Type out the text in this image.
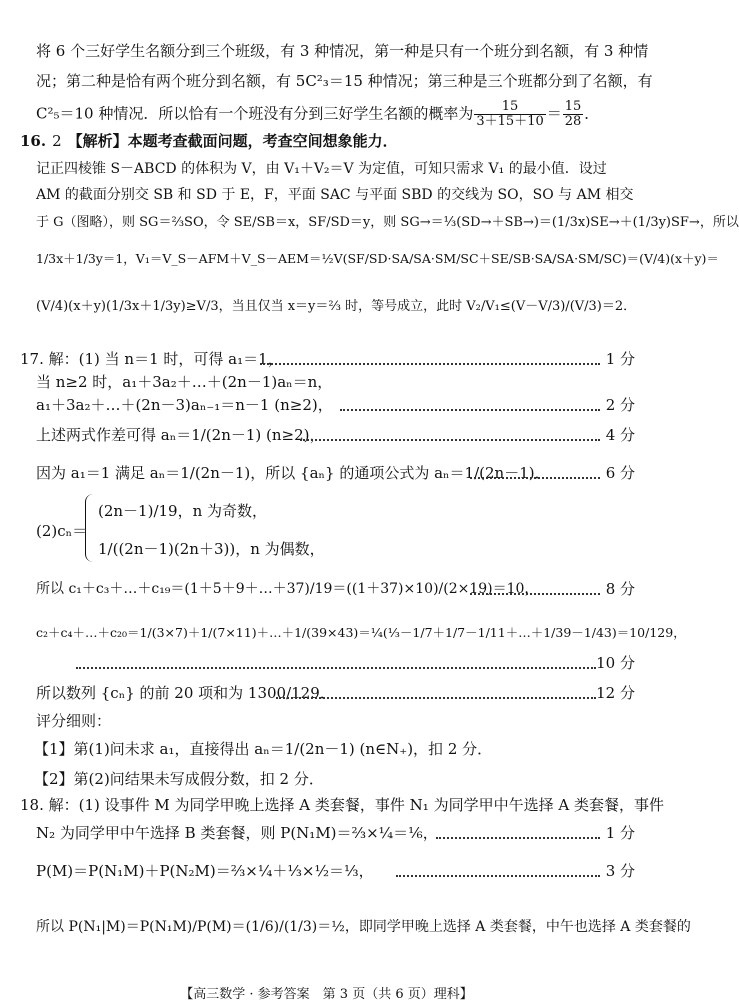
将 6 个三好学生名额分到三个班级，有 3 种情况，第一种是只有一个班分到名额，有 3 种情
况；第二种是恰有两个班分到名额，有 5C²₃＝15 种情况；第三种是三个班都分到了名额，有
C²₅＝10 种情况．所以恰有一个班没有分到三好学生名额的概率为 $\frac{15}{3+15+10} = \frac{15}{28}$ ．
16. 2 【解析】本题考查截面问题，考查空间想象能力．
记正四棱锥 S－ABCD 的体积为 V，由 V₁＋V₂＝V 为定值，可知只需求 V₁ 的最小值．设过
AM 的截面分别交 SB 和 SD 于 E，F，平面 SAC 与平面 SBD 的交线为 SO，SO 与 AM 相交
于 G（图略），则 SG＝⅔SO，令 SE/SB＝x，SF/SD＝y，则 SG→＝⅓(SD→＋SB→)＝(1/3x)SE→＋(1/3y)SF→，所以
1/3x＋1/3y＝1，V₁＝V_S－AFM＋V_S－AEM＝½V(SF/SD·SA/SA·SM/SC＋SE/SB·SA/SA·SM/SC)＝(V/4)(x＋y)＝
(V/4)(x＋y)(1/3x＋1/3y)≥V/3，当且仅当 x＝y＝⅔ 时，等号成立，此时 V₂/V₁≤(V－V/3)/(V/3)＝2．
17. 解：(1) 当 n＝1 时，可得 a₁＝1，	1 分
当 n≥2 时，a₁＋3a₂＋…＋(2n－1)aₙ＝n，
a₁＋3a₂＋…＋(2n－3)aₙ₋₁＝n－1 (n≥2)，	2 分
上述两式作差可得 aₙ＝1/(2n－1) (n≥2)，	4 分
因为 a₁＝1 满足 aₙ＝1/(2n－1)，所以 {aₙ} 的通项公式为 aₙ＝1/(2n－1)．	6 分
(2)cₙ＝
(2n－1)/19，n 为奇数，
1/((2n－1)(2n＋3))，n 为偶数，
所以 c₁＋c₃＋…＋c₁₉＝(1＋5＋9＋…＋37)/19＝((1＋37)×10)/(2×19)＝10，	8 分
c₂＋c₄＋…＋c₂₀＝1/(3×7)＋1/(7×11)＋…＋1/(39×43)＝¼(⅓－1/7＋1/7－1/11＋…＋1/39－1/43)＝10/129，
10 分
所以数列 {cₙ} 的前 20 项和为 1300/129．	12 分
评分细则：
【1】第(1)问未求 a₁，直接得出 aₙ＝1/(2n－1) (n∈N₊)，扣 2 分．
【2】第(2)问结果未写成假分数，扣 2 分．
18. 解：(1) 设事件 M 为同学甲晚上选择 A 类套餐，事件 N₁ 为同学甲中午选择 A 类套餐，事件
N₂ 为同学甲中午选择 B 类套餐，则 P(N₁M)＝⅔×¼＝⅙，	1 分
P(M)＝P(N₁M)＋P(N₂M)＝⅔×¼＋⅓×½＝⅓，	3 分
所以 P(N₁|M)＝P(N₁M)/P(M)＝(1/6)/(1/3)＝½，即同学甲晚上选择 A 类套餐，中午也选择 A 类套餐的
【高三数学 · 参考答案　第 3 页（共 6 页）理科】
